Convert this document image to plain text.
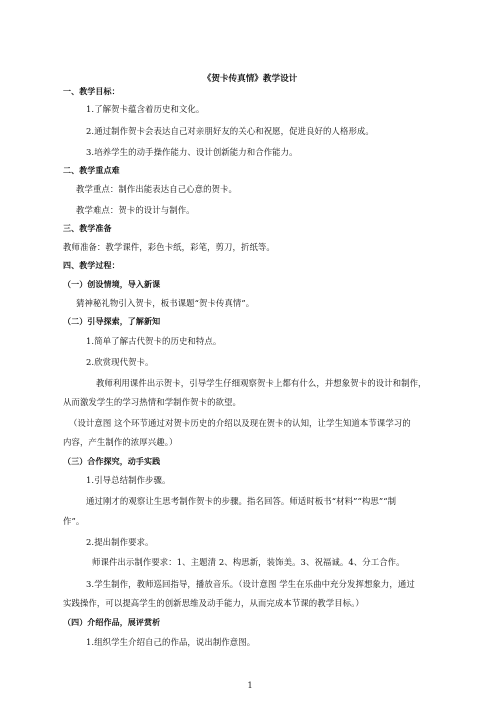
《贺卡传真情》教学设计
一、教学目标：
1.了解贺卡蕴含着历史和文化。
2.通过制作贺卡会表达自己对亲朋好友的关心和祝愿，促进良好的人格形成。
3.培养学生的动手操作能力、设计创新能力和合作能力。
二、教学重点难
教学重点：制作出能表达自己心意的贺卡。
教学难点：贺卡的设计与制作。
三、教学准备
教师准备：教学课件，彩色卡纸，彩笔，剪刀，折纸等。
四、教学过程：
（一）创设情境，导入新课
猜神秘礼物引入贺卡，板书课题“贺卡传真情”。
（二）引导探索，了解新知
1.简单了解古代贺卡的历史和特点。
2.欣赏现代贺卡。
教师利用课件出示贺卡，引导学生仔细观察贺卡上都有什么，并想象贺卡的设计和制作，
从而激发学生的学习热情和学制作贺卡的欲望。
（设计意图 这个环节通过对贺卡历史的介绍以及现在贺卡的认知，让学生知道本节课学习的
内容，产生制作的浓厚兴趣。）
（三）合作探究，动手实践
1.引导总结制作步骤。
通过刚才的观察让生思考制作贺卡的步骤。指名回答。师适时板书“材料”“构思”“制
作”。
2.提出制作要求。
师课件出示制作要求：1、主题清 2、构思新，装饰美。3、祝福诚。4、分工合作。
3.学生制作，教师巡回指导，播放音乐。（设计意图 学生在乐曲中充分发挥想象力，通过
实践操作，可以提高学生的创新思维及动手能力，从而完成本节课的教学目标。）
（四）介绍作品，展评赏析
1.组织学生介绍自己的作品，说出制作意图。
1
